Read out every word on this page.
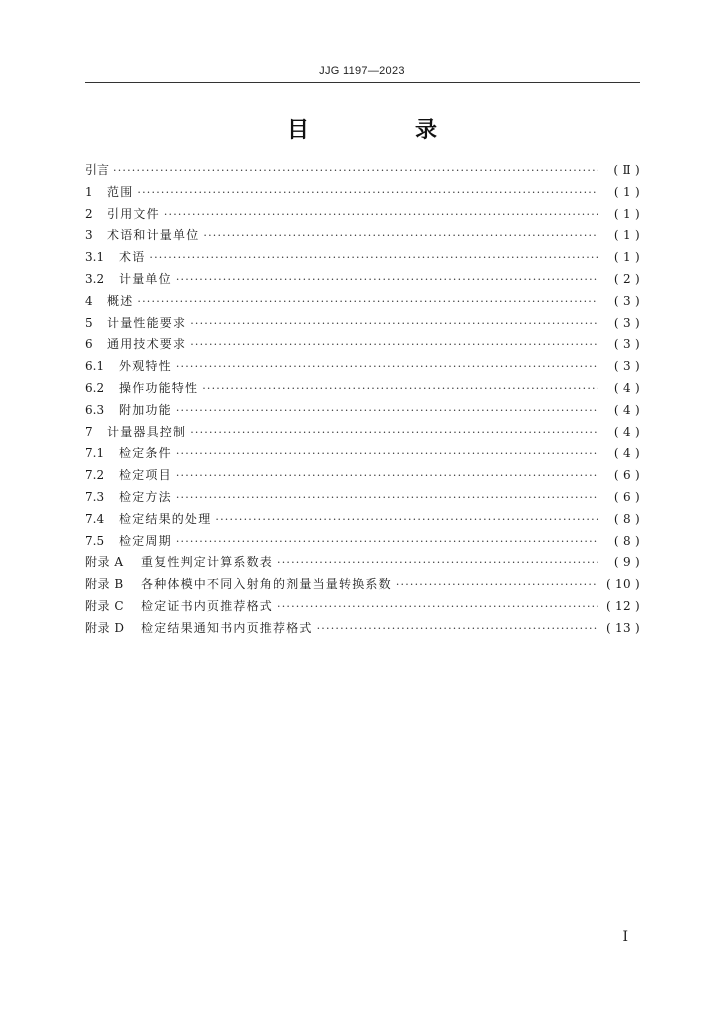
JJG 1197—2023
目　录
引言 ·····	( Ⅱ )
1	范围 ·····	( 1 )
2	引用文件 ·····	( 1 )
3	术语和计量单位 ·····	( 1 )
3.1	术语 ·····	( 1 )
3.2	计量单位 ·····	( 2 )
4	概述 ·····	( 3 )
5	计量性能要求 ·····	( 3 )
6	通用技术要求 ·····	( 3 )
6.1	外观特性 ·····	( 3 )
6.2	操作功能特性 ·····	( 4 )
6.3	附加功能 ·····	( 4 )
7	计量器具控制 ·····	( 4 )
7.1	检定条件 ·····	( 4 )
7.2	检定项目 ·····	( 6 )
7.3	检定方法 ·····	( 6 )
7.4	检定结果的处理 ·····	( 8 )
7.5	检定周期 ·····	( 8 )
附录 A	重复性判定计算系数表 ·····	( 9 )
附录 B	各种体模中不同入射角的剂量当量转换系数 ·····	( 10 )
附录 C	检定证书内页推荐格式 ·····	( 12 )
附录 D	检定结果通知书内页推荐格式 ·····	( 13 )
I
